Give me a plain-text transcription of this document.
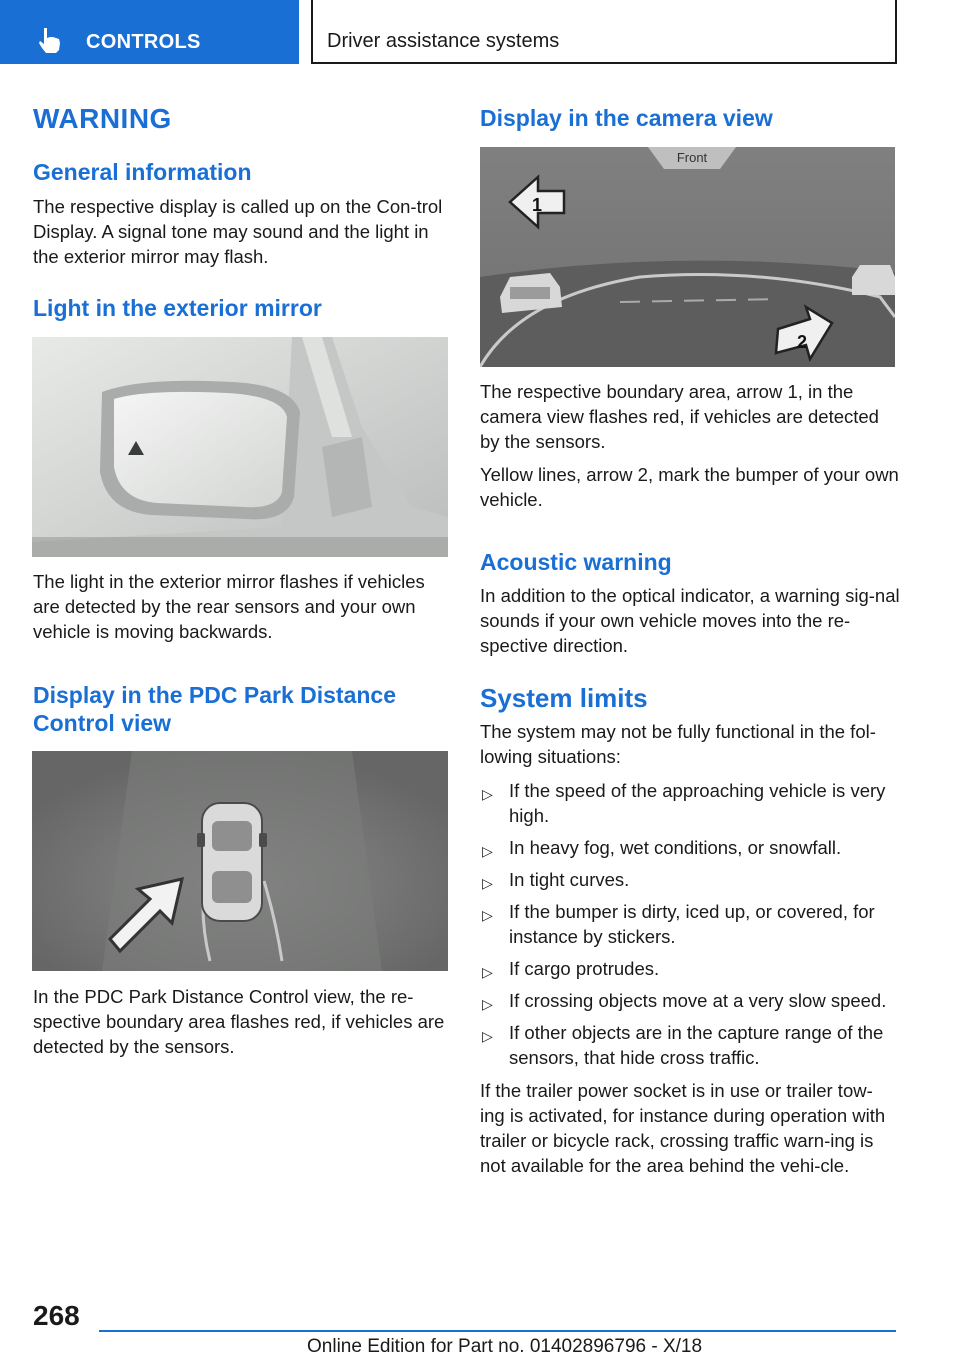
CONTROLS	Driver assistance systems
WARNING
General information

The respective display is called up on the Con-trol Display. A signal tone may sound and the light in the exterior mirror may flash.

Light in the exterior mirror

The light in the exterior mirror flashes if vehicles are detected by the rear sensors and your own vehicle is moving backwards.

Display in the PDC Park Distance Control view

In the PDC Park Distance Control view, the re-spective boundary area flashes red, if vehicles are detected by the sensors.

Display in the camera view
Front
1
2

The respective boundary area, arrow 1, in the camera view flashes red, if vehicles are detected by the sensors.

Yellow lines, arrow 2, mark the bumper of your own vehicle.

Acoustic warning

In addition to the optical indicator, a warning sig-nal sounds if your own vehicle moves into the re-spective direction.

System limits

The system may not be fully functional in the fol-lowing situations:

▷ If the speed of the approaching vehicle is very high.
▷ In heavy fog, wet conditions, or snowfall.
▷ In tight curves.
▷ If the bumper is dirty, iced up, or covered, for instance by stickers.
▷ If cargo protrudes.
▷ If crossing objects move at a very slow speed.
▷ If other objects are in the capture range of the sensors, that hide cross traffic.

If the trailer power socket is in use or trailer tow-ing is activated, for instance during operation with trailer or bicycle rack, crossing traffic warn-ing is not available for the area behind the vehi-cle.

268
Online Edition for Part no. 01402896796 - X/18
